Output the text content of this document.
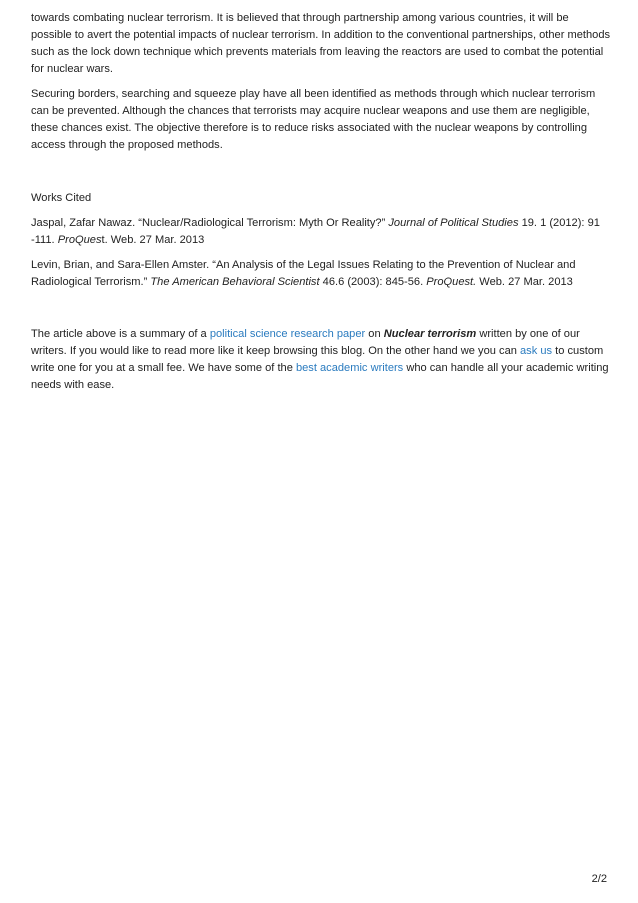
towards combating nuclear terrorism. It is believed that through partnership among various countries, it will be possible to avert the potential impacts of nuclear terrorism. In addition to the conventional partnerships, other methods such as the lock down technique which prevents materials from leaving the reactors are used to combat the potential for nuclear wars.

Securing borders, searching and squeeze play have all been identified as methods through which nuclear terrorism can be prevented. Although the chances that terrorists may acquire nuclear weapons and use them are negligible, these chances exist. The objective therefore is to reduce risks associated with the nuclear weapons by controlling access through the proposed methods.

Works Cited

Jaspal, Zafar Nawaz. “Nuclear/Radiological Terrorism: Myth Or Reality?” Journal of Political Studies 19. 1 (2012): 91 -111. ProQuest. Web. 27 Mar. 2013

Levin, Brian, and Sara-Ellen Amster. “An Analysis of the Legal Issues Relating to the Prevention of Nuclear and Radiological Terrorism.” The American Behavioral Scientist 46.6 (2003): 845-56. ProQuest. Web. 27 Mar. 2013

The article above is a summary of a political science research paper on Nuclear terrorism written by one of our writers. If you would like to read more like it keep browsing this blog. On the other hand we you can ask us to custom write one for you at a small fee. We have some of the best academic writers who can handle all your academic writing needs with ease.

2/2
